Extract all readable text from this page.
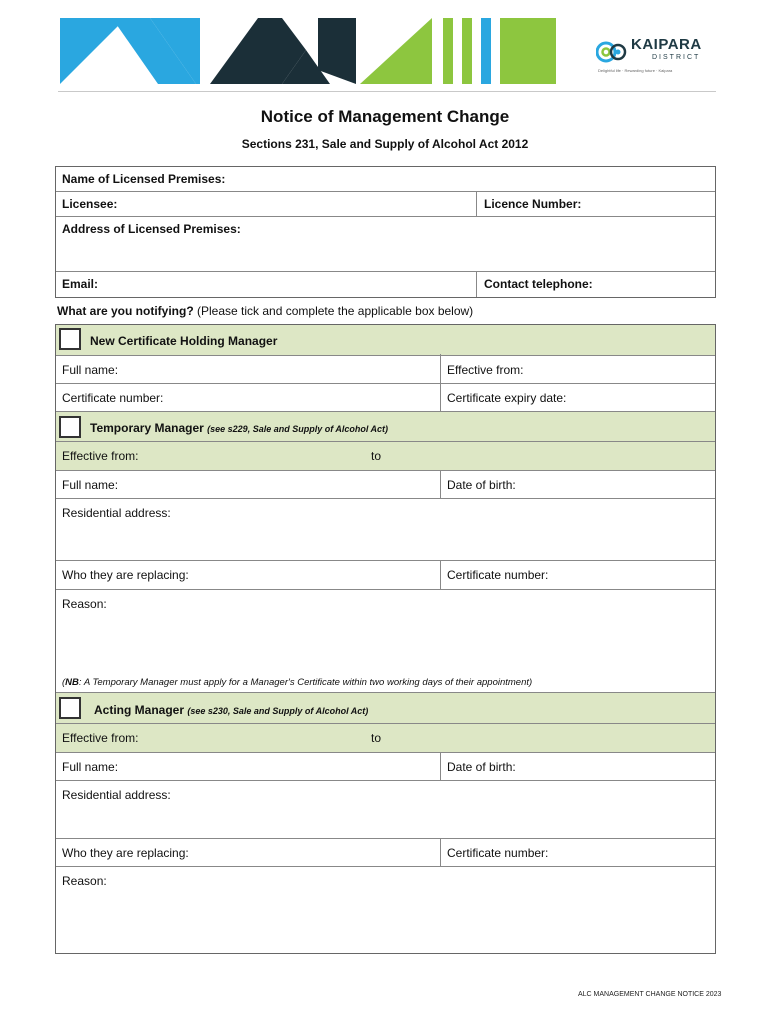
KAIPARA
DISTRICT
Delightful life · Rewarding future · Kaipara
Notice of Management Change
Sections 231, Sale and Supply of Alcohol Act 2012
Name of Licensed Premises:
Licensee:	Licence Number:
Address of Licensed Premises:
Email:	Contact telephone:
What are you notifying? (Please tick and complete the applicable box below)
New Certificate Holding Manager
Full name:	Effective from:
Certificate number:	Certificate expiry date:
Temporary Manager (see s229, Sale and Supply of Alcohol Act)
Effective from:	to
Full name:	Date of birth:
Residential address:
Who they are replacing:	Certificate number:
Reason:
(NB: A Temporary Manager must apply for a Manager's Certificate within two working days of their appointment)
Acting Manager (see s230, Sale and Supply of Alcohol Act)
Effective from:	to
Full name:	Date of birth:
Residential address:
Who they are replacing:	Certificate number:
Reason:
ALC MANAGEMENT CHANGE NOTICE 2023
